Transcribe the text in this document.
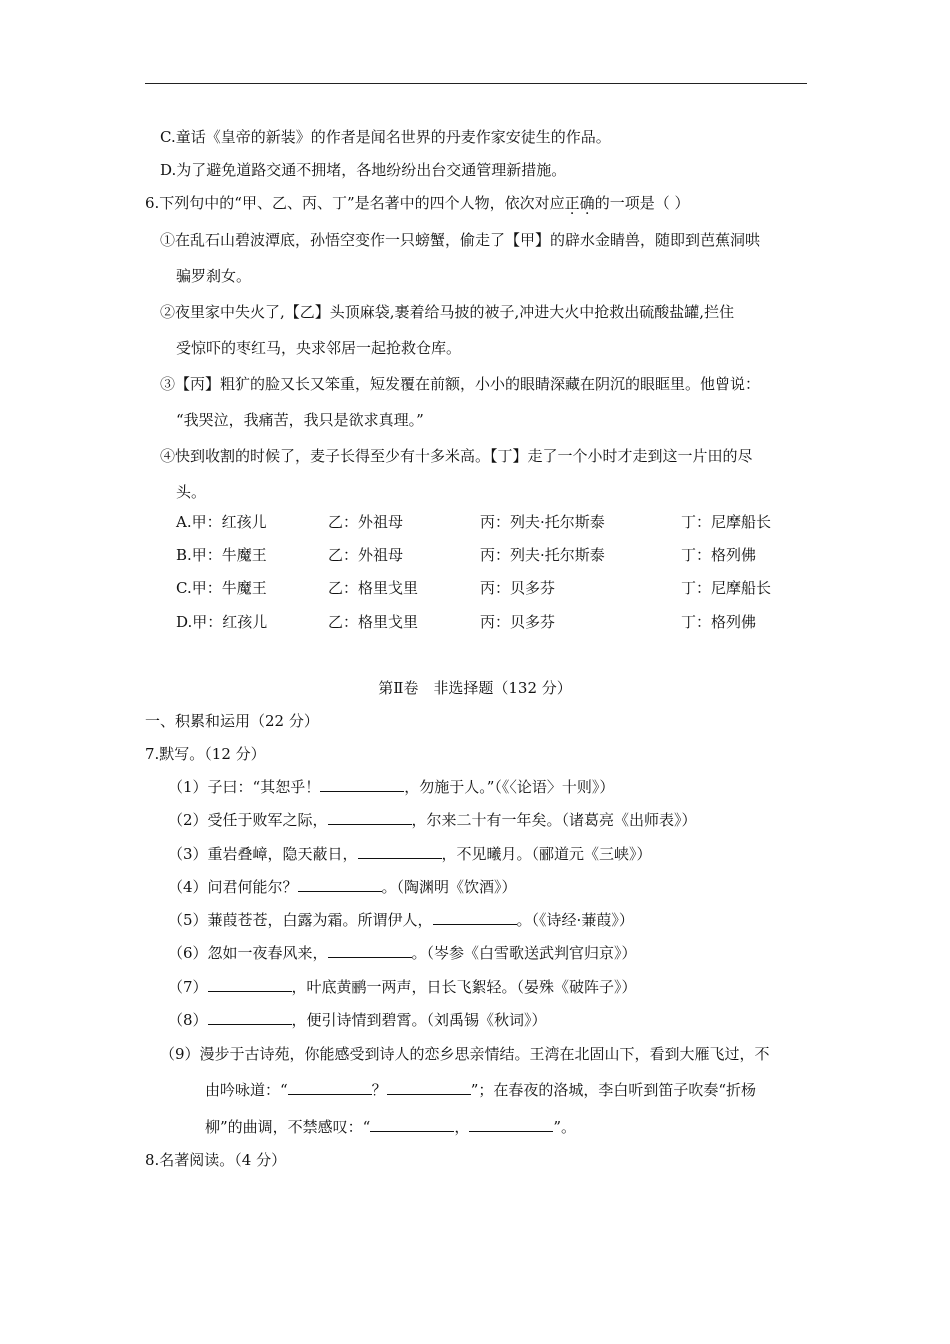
C.童话《皇帝的新装》的作者是闻名世界的丹麦作家安徒生的作品。
D.为了避免道路交通不拥堵，各地纷纷出台交通管理新措施。
6.下列句中的“甲、乙、丙、丁”是名著中的四个人物，依次对应正确的一项是（ ）
①在乱石山碧波潭底，孙悟空变作一只螃蟹，偷走了【甲】的辟水金睛兽，随即到芭蕉洞哄
骗罗刹女。
②夜里家中失火了,【乙】头顶麻袋,裹着给马披的被子,冲进大火中抢救出硫酸盐罐,拦住
受惊吓的枣红马，央求邻居一起抢救仓库。
③【丙】粗犷的脸又长又笨重，短发覆在前额，小小的眼睛深藏在阴沉的眼眶里。他曾说：
“我哭泣，我痛苦，我只是欲求真理。”
④快到收割的时候了，麦子长得至少有十多米高。【丁】走了一个小时才走到这一片田的尽
头。
A.甲：红孩儿	乙：外祖母	丙：列夫·托尔斯泰	丁：尼摩船长
B.甲：牛魔王	乙：外祖母	丙：列夫·托尔斯泰	丁：格列佛
C.甲：牛魔王	乙：格里戈里	丙：贝多芬	丁：尼摩船长
D.甲：红孩儿	乙：格里戈里	丙：贝多芬	丁：格列佛
第Ⅱ卷　非选择题（132 分）
一、积累和运用（22 分）
7.默写。（12 分）
（1）子曰：“其恕乎！	，勿施于人。”（《〈论语〉十则》）
（2）受任于败军之际，	，尔来二十有一年矣。（诸葛亮《出师表》）
（3）重岩叠嶂，隐天蔽日，	，不见曦月。（郦道元《三峡》）
（4）问君何能尔？	。（陶渊明《饮酒》）
（5）蒹葭苍苍，白露为霜。所谓伊人，	。（《诗经·蒹葭》）
（6）忽如一夜春风来，	。（岑参《白雪歌送武判官归京》）
（7）	，叶底黄鹂一两声，日长飞絮轻。（晏殊《破阵子》）
（8）	，便引诗情到碧霄。（刘禹锡《秋词》）
（9）漫步于古诗苑，你能感受到诗人的恋乡思亲情结。王湾在北固山下，看到大雁飞过，不
由吟咏道：“	？	”；在春夜的洛城，李白听到笛子吹奏“折杨
柳”的曲调，不禁感叹：“	，	”。
8.名著阅读。（4 分）
